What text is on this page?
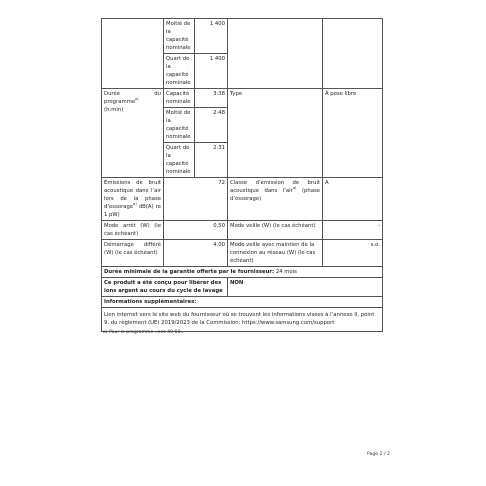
	Moitié de la capacité nominale	1 400		
	Quart de la capacité nominale	1 400		
Durée du programme$^{a)}$
(h:min)	Capacité nominale	3:38	Type	À pose libre
	Moitié de la capacité nominale	2:48		
	Quart de la capacité nominale	2:31		
Émissions de bruit acoustique dans l’air lors de la phase d’essorage$^{a)}$ dB(A) re 1 pW)	72		Classe d’émission de bruit acoustique dans l’air$^{a)}$ (phase d’essorage)	A
Mode arrêt (W) (le cas échéant)	0,50		Mode veille (W) (le cas échéant)	-
Démarrage différé (W) (le cas échéant)	4,00		Mode veille avec maintien de la connexion au réseau (W) (le cas échéant)	s.o.
Durée minimale de la garantie offerte par le fournisseur: 24 mois				
Ce produit a été conçu pour libérer des ions argent au cours du cycle de lavage			NON	
Informations supplémentaires:				
Lien internet vers le site web du fournisseur où se trouvent les informations visées à l’annexe II, point 9, du règlement (UE) 2019/2023 de la Commission: https://www.samsung.com/support				
a) Pour le programme «eco 40-60».
Page 2 / 2
